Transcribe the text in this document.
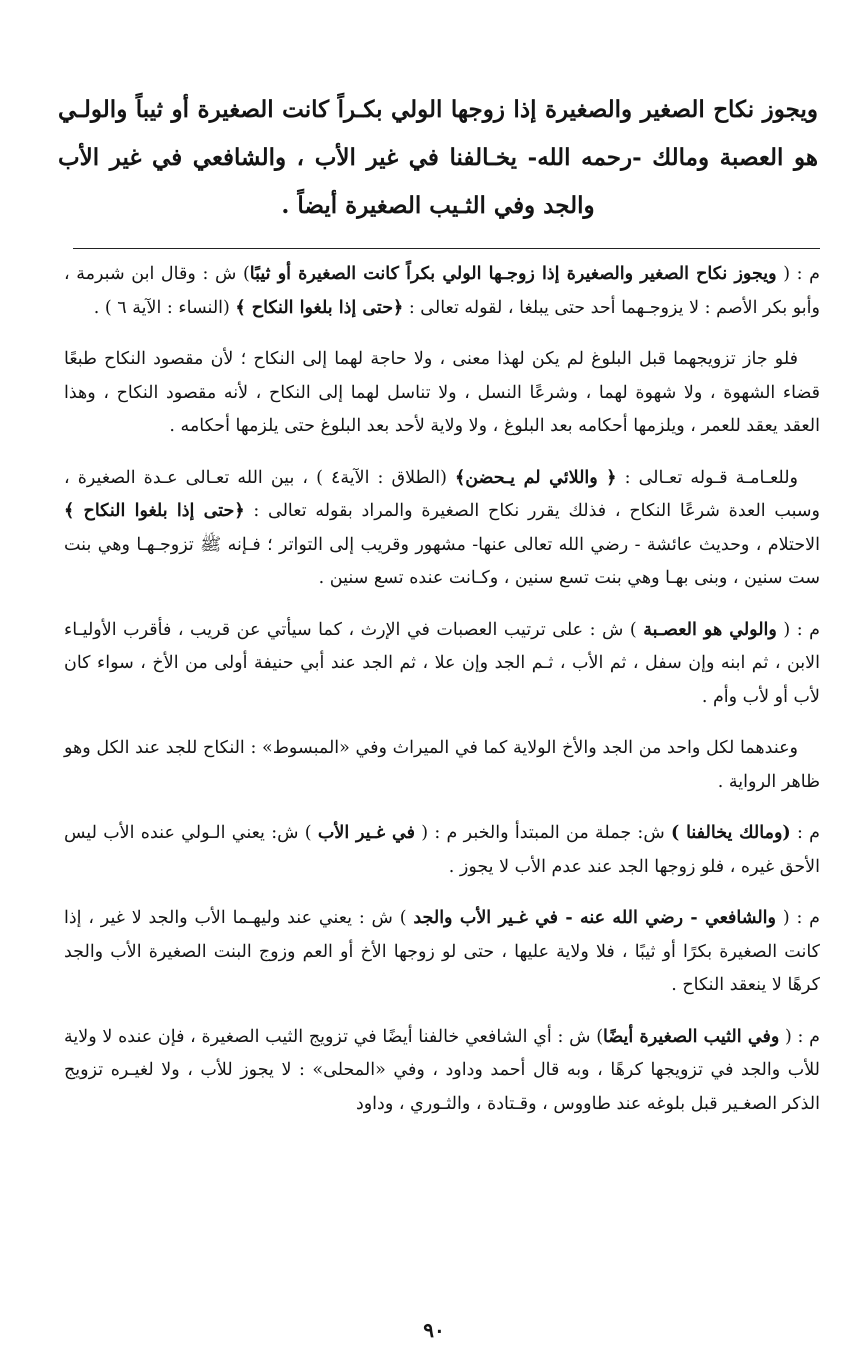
ويجوز نكاح الصغير والصغيرة إذا زوجها الولي بكـراً كانت الصغيرة أو ثيباً والولـي هو العصبة ومالك -رحمه الله- يخـالفنا في غير الأب ، والشافعي في غير الأب والجد وفي الثـيب الصغيرة أيضاً .

م : ( ويجوز نكاح الصغير والصغيرة إذا زوجـها الولي بكراً كانت الصغيرة أو ثيبًا) ش : وقال ابن شبرمة ، وأبو بكر الأصم : لا يزوجـهما أحد حتى يبلغا ، لقوله تعالى : ﴿حتى إذا بلغوا النكاح ﴾ (النساء : الآية ٦ ) .

فلو جاز تزويجهما قبل البلوغ لم يكن لهذا معنى ، ولا حاجة لهما إلى النكاح ؛ لأن مقصود النكاح طبعًا قضاء الشهوة ، ولا شهوة لهما ، وشرعًا النسل ، ولا تناسل لهما إلى النكاح ، لأنه مقصود النكاح ، وهذا العقد يعقد للعمر ، ويلزمها أحكامه بعد البلوغ ، ولا ولاية لأحد بعد البلوغ حتى يلزمها أحكامه .

وللعـامـة قـوله تعـالى : ﴿ واللائي لم يـحضن﴾ (الطلاق : الآية٤ ) ، بين الله تعـالى عـدة الصغيرة ، وسبب العدة شرعًا النكاح ، فذلك يقرر نكاح الصغيرة والمراد بقوله تعالى : ﴿حتى إذا بلغوا النكاح ﴾ الاحتلام ، وحديث عائشة - رضي الله تعالى عنها- مشهور وقريب إلى التواتر ؛ فـإنه ﷺ تزوجـهـا وهي بنت ست سنين ، وبنى بهـا وهي بنت تسع سنين ، وكـانت عنده تسع سنين .

م : ( والولي هو العصـبة ) ش : على ترتيب العصبات في الإرث ، كما سيأتي عن قريب ، فأقرب الأوليـاء الابن ، ثم ابنه وإن سفل ، ثم الأب ، ثـم الجد وإن علا ، ثم الجد عند أبي حنيفة أولى من الأخ ، سواء كان لأب أو لأب وأم .

وعندهما لكل واحد من الجد والأخ الولاية كما في الميراث وفي «المبسوط» : النكاح للجد عند الكل وهو ظاهر الرواية .

م : (ومالك يخالفنا ) ش: جملة من المبتدأ والخبر م : ( في غـير الأب ) ش: يعني الـولي عنده الأب ليس الأحق غيره ، فلو زوجها الجد عند عدم الأب لا يجوز .

م : ( والشافعي - رضي الله عنه - في غـير الأب والجد ) ش : يعني عند وليهـما الأب والجد لا غير ، إذا كانت الصغيرة بكرًا أو ثيبًا ، فلا ولاية عليها ، حتى لو زوجها الأخ أو العم وزوج البنت الصغيرة الأب والجد كرهًا لا ينعقد النكاح .

م : ( وفي الثيب الصغيرة أيضًا) ش : أي الشافعي خالفنا أيضًا في تزويج الثيب الصغيرة ، فإن عنده لا ولاية للأب والجد في تزويجها كرهًا ، وبه قال أحمد وداود ، وفي «المحلى» : لا يجوز للأب ، ولا لغيـره تزويج الذكر الصغـير قبل بلوغه عند طاووس ، وقـتادة ، والثـوري ، وداود

٩٠
